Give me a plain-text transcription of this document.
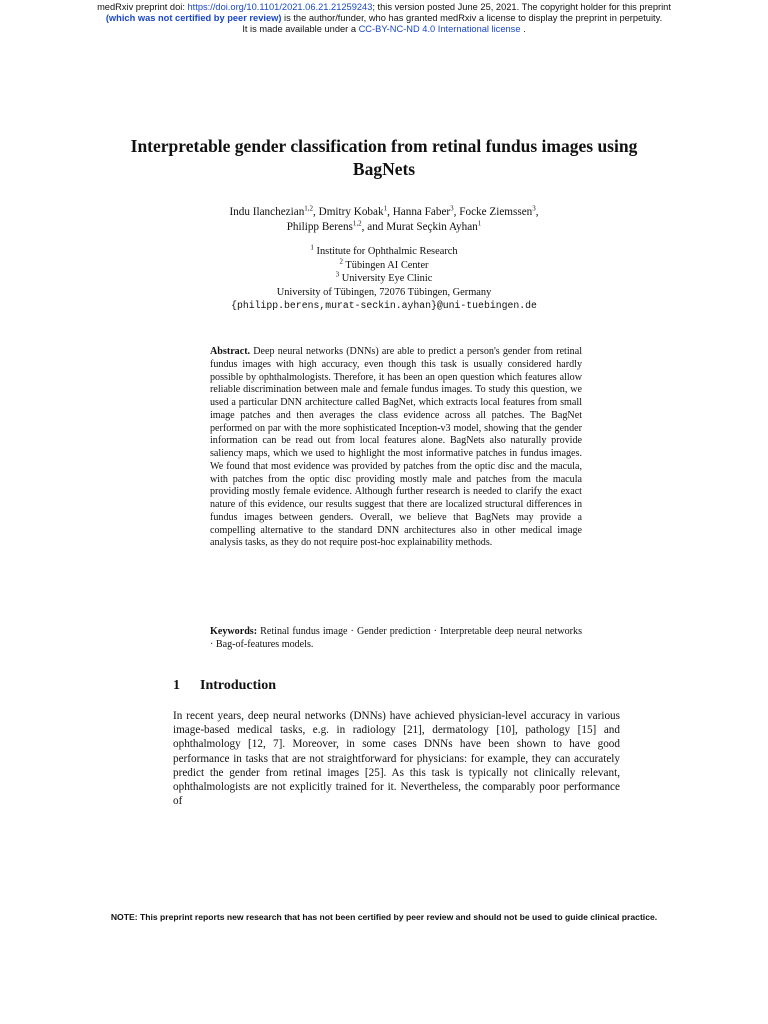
medRxiv preprint doi: https://doi.org/10.1101/2021.06.21.21259243; this version posted June 25, 2021. The copyright holder for this preprint
(which was not certified by peer review) is the author/funder, who has granted medRxiv a license to display the preprint in perpetuity.
It is made available under a CC-BY-NC-ND 4.0 International license .
Interpretable gender classification from retinal fundus images using BagNets
Indu Ilanchezian$^{1,2}$, Dmitry Kobak$^1$, Hanna Faber$^3$, Focke Ziemssen$^3$,
Philipp Berens$^{1,2}$, and Murat Seçkin Ayhan$^1$
$^1$ Institute for Ophthalmic Research
$^2$ Tübingen AI Center
$^3$ University Eye Clinic
University of Tübingen, 72076 Tübingen, Germany
{philipp.berens,murat-seckin.ayhan}@uni-tuebingen.de
Abstract. Deep neural networks (DNNs) are able to predict a person's gender from retinal fundus images with high accuracy, even though this task is usually considered hardly possible by ophthalmologists. Therefore, it has been an open question which features allow reliable discrimination between male and female fundus images. To study this question, we used a particular DNN architecture called BagNet, which extracts local features from small image patches and then averages the class evidence across all patches. The BagNet performed on par with the more sophisticated Inception-v3 model, showing that the gender information can be read out from local features alone. BagNets also naturally provide saliency maps, which we used to highlight the most informative patches in fundus images. We found that most evidence was provided by patches from the optic disc and the macula, with patches from the optic disc providing mostly male and patches from the macula providing mostly female evidence. Although further research is needed to clarify the exact nature of this evidence, our results suggest that there are localized structural differences in fundus images between genders. Overall, we believe that BagNets may provide a compelling alternative to the standard DNN architectures also in other medical image analysis tasks, as they do not require post-hoc explainability methods.
Keywords: Retinal fundus image · Gender prediction · Interpretable deep neural networks · Bag-of-features models.
1 Introduction
In recent years, deep neural networks (DNNs) have achieved physician-level accuracy in various image-based medical tasks, e.g. in radiology [21], dermatology [10], pathology [15] and ophthalmology [12, 7]. Moreover, in some cases DNNs have been shown to have good performance in tasks that are not straightforward for physicians: for example, they can accurately predict the gender from retinal images [25]. As this task is typically not clinically relevant, ophthalmologists are not explicitly trained for it. Nevertheless, the comparably poor performance of
NOTE: This preprint reports new research that has not been certified by peer review and should not be used to guide clinical practice.
